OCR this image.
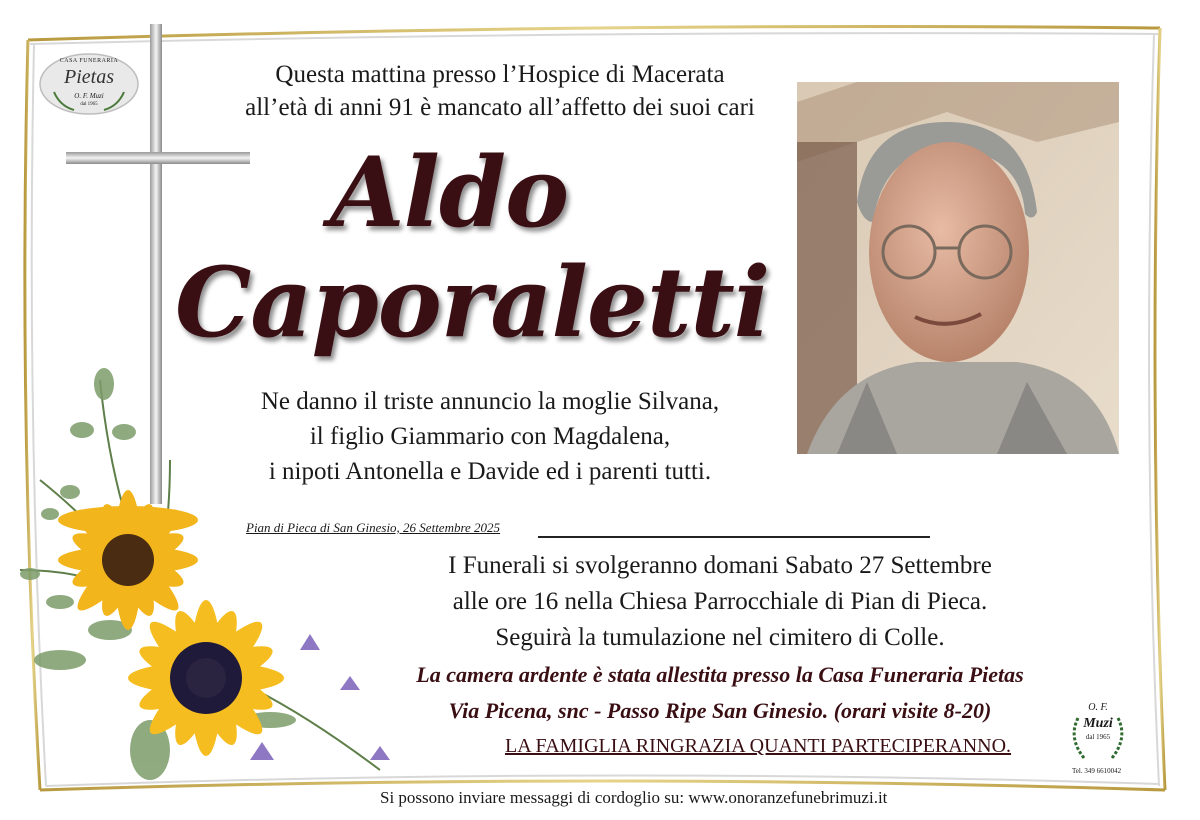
CASA FUNERARIA
Pietas
O. F. Muzi
dal 1965
Questa mattina presso l’Hospice di Macerata
all’età di anni 91 è mancato all’affetto dei suoi cari
Aldo
Caporaletti
Ne danno il triste annuncio la moglie Silvana,
il figlio Giammario con Magdalena,
i nipoti Antonella e Davide ed i parenti tutti.
Pian di Pieca di San Ginesio, 26 Settembre 2025
I Funerali si svolgeranno domani Sabato 27 Settembre
alle ore 16 nella Chiesa Parrocchiale di Pian di Pieca.
Seguirà la tumulazione nel cimitero di Colle.
La camera ardente è stata allestita presso la Casa Funeraria Pietas
Via Picena, snc - Passo Ripe San Ginesio. (orari visite 8-20)
LA FAMIGLIA RINGRAZIA QUANTI PARTECIPERANNO.
Si possono inviare messaggi di cordoglio su: www.onoranzefunebrimuzi.it
O. F.
Muzi
dal 1965
Tel. 349 6610042
